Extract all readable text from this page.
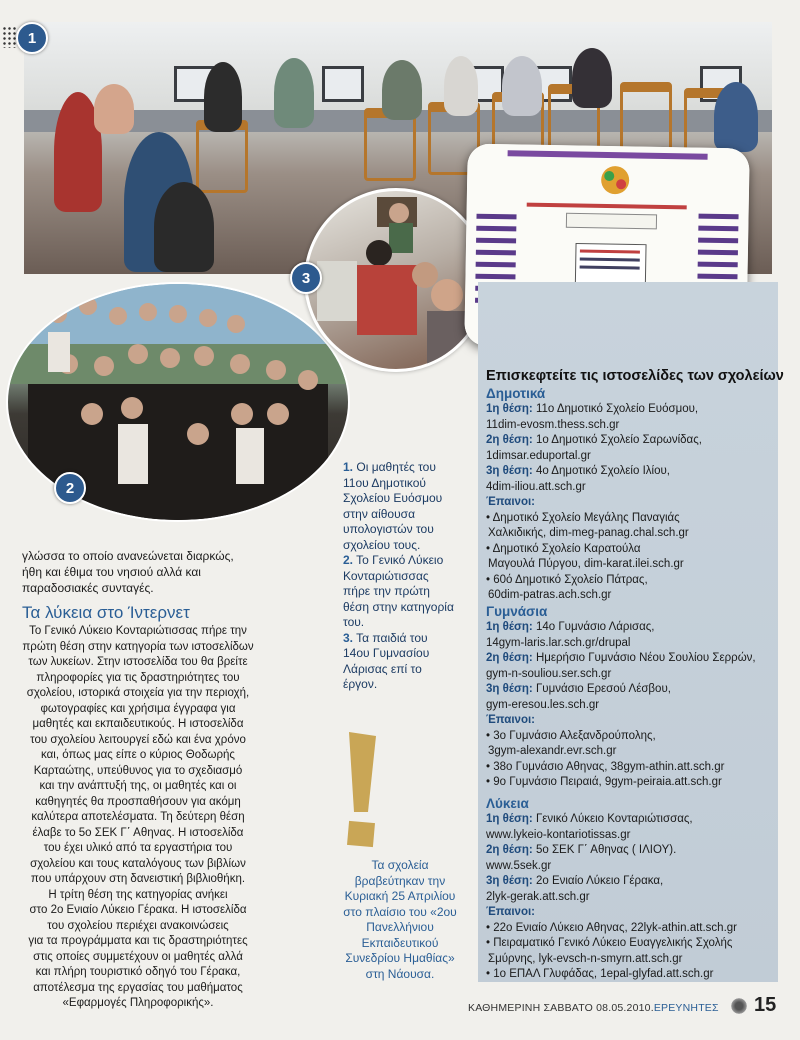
1
2
3
γλώσσα το οποίο ανανεώνεται διαρκώς, ήθη και έθιμα του νησιού αλλά και παραδοσιακές συνταγές.
Τα λύκεια στο Ίντερνετ
Το Γενικό Λύκειο Κονταριώτισσας πήρε την
πρώτη θέση στην κατηγορία των ιστοσελίδων
των λυκείων. Στην ιστοσελίδα του θα βρείτε
πληροφορίες για τις δραστηριότητες του
σχολείου, ιστορικά στοιχεία για την περιοχή,
φωτογραφίες και χρήσιμα έγγραφα για
μαθητές και εκπαιδευτικούς. Η ιστοσελίδα
του σχολείου λειτουργεί εδώ και ένα χρόνο
και, όπως μας είπε ο κύριος Θοδωρής
Καρταώτης, υπεύθυνος για το σχεδιασμό
και την ανάπτυξή της, οι μαθητές και οι
καθηγητές θα προσπαθήσουν για ακόμη
καλύτερα αποτελέσματα. Τη δεύτερη θέση
έλαβε το 5ο ΣΕΚ Γ΄ Αθηνας. Η ιστοσελίδα
του έχει υλικό από τα εργαστήρια του
σχολείου και τους καταλόγους των βιβλίων
που υπάρχουν στη δανειστική βιβλιοθήκη.
Η τρίτη θέση της κατηγορίας ανήκει
στο 2ο Ενιαίο Λύκειο Γέρακα. Η ιστοσελίδα
του σχολείου περιέχει ανακοινώσεις
για τα προγράμματα και τις δραστηριότητες
στις οποίες συμμετέχουν οι μαθητές αλλά
και πλήρη τουριστικό οδηγό του Γέρακα,
αποτέλεσμα της εργασίας του μαθήματος
«Εφαρμογές Πληροφορικής».
1. Οι μαθητές του 11ου Δημοτικού Σχολείου Ευόσμου στην αίθουσα υπολογιστών του σχολείου τους.
2. Το Γενικό Λύκειο Κονταριώτισσας πήρε την πρώτη θέση στην κατηγορία του.
3. Τα παιδιά του 14ου Γυμνασίου Λάρισας επί το έργον.
Τα σχολεία βραβεύτηκαν την Κυριακή 25 Απριλίου στο πλαίσιο του «2ου Πανελλήνιου Εκπαιδευτικού Συνεδρίου Ημαθίας» στη Νάουσα.
Επισκεφτείτε τις ιστοσελίδες των σχολείων
Δημοτικά
1η θέση: 11ο Δημοτικό Σχολείο Ευόσμου,
11dim-evosm.thess.sch.gr
2η θέση: 1ο Δημοτικό Σχολείο Σαρωνίδας,
1dimsar.eduportal.gr
3η θέση: 4ο Δημοτικό Σχολείο Ιλίου,
4dim-iliou.att.sch.gr
Έπαινοι:
• Δημοτικό Σχολείο Μεγάλης Παναγιάς
Χαλκιδικής, dim-meg-panag.chal.sch.gr
• Δημοτικό Σχολείο Καρατούλα
Μαγουλά Πύργου, dim-karat.ilei.sch.gr
• 60ό Δημοτικό Σχολείο Πάτρας,
60dim-patras.ach.sch.gr
Γυμνάσια
1η θέση: 14ο Γυμνάσιο Λάρισας,
14gym-laris.lar.sch.gr/drupal
2η θέση: Ημερήσιο Γυμνάσιο Νέου Σουλίου Σερρών,
gym-n-souliou.ser.sch.gr
3η θέση: Γυμνάσιο Ερεσού Λέσβου,
gym-eresou.les.sch.gr
Έπαινοι:
• 3ο Γυμνάσιο Αλεξανδρούπολης,
3gym-alexandr.evr.sch.gr
• 38ο Γυμνάσιο Αθηνας, 38gym-athin.att.sch.gr
• 9ο Γυμνάσιο Πειραιά, 9gym-peiraia.att.sch.gr
Λύκεια
1η θέση: Γενικό Λύκειο Κονταριώτισσας,
www.lykeio-kontariotissas.gr
2η θέση: 5ο ΣΕΚ Γ΄ Αθηνας ( ΙΛΙΟΥ).
www.5sek.gr
3η θέση: 2ο Ενιαίο Λύκειο Γέρακα,
2lyk-gerak.att.sch.gr
Έπαινοι:
• 22ο Ενιαίο Λύκειο Αθηνας, 22lyk-athin.att.sch.gr
• Πειραματικό Γενικό Λύκειο Ευαγγελικής Σχολής
Σμύρνης, lyk-evsch-n-smyrn.att.sch.gr
• 1ο ΕΠΑΛ Γλυφάδας, 1epal-glyfad.att.sch.gr
ΚΑΘΗΜΕΡΙΝΗ ΣΑΒΒΑΤΟ 08.05.2010.ΕΡΕΥΝΗΤΕΣ 15
